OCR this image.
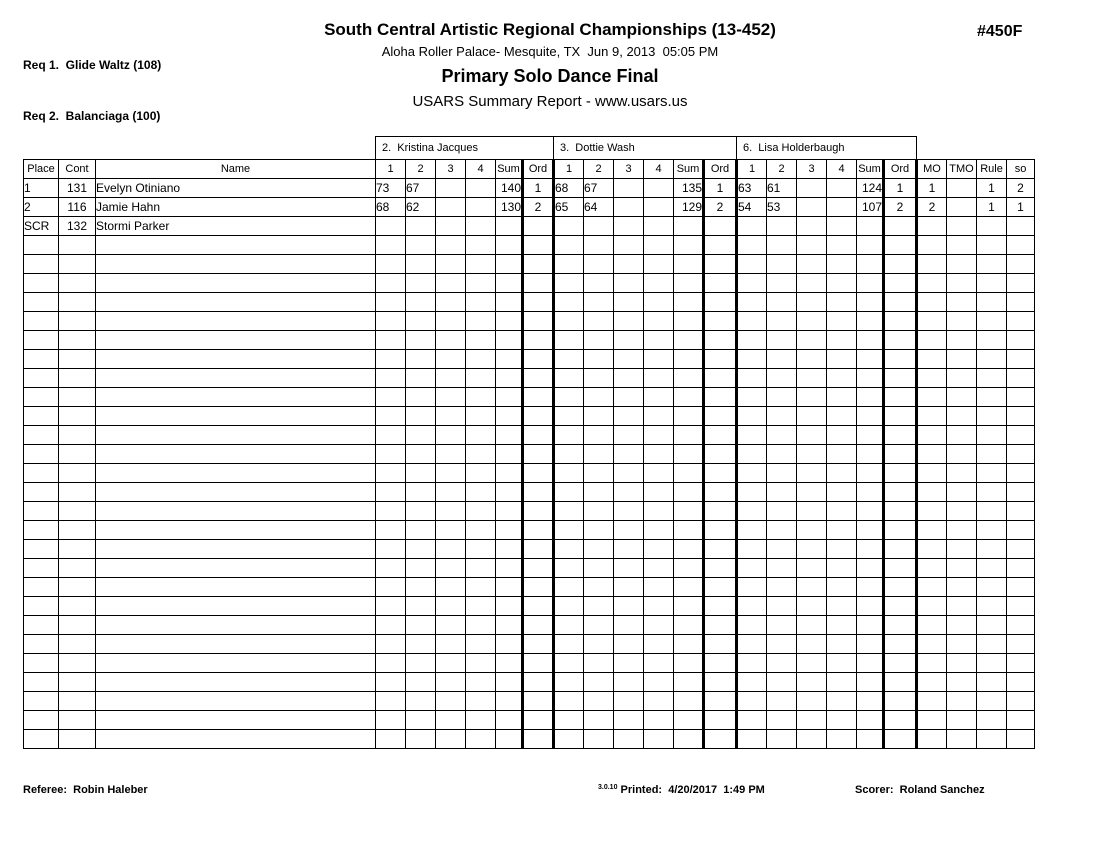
Req 1.  Glide Waltz (108)

Req 2.  Balanciaga (100)

#450F
South Central Artistic Regional Championships (13-452)
Aloha Roller Palace- Mesquite, TX  Jun 9, 2013  05:05 PM
Primary Solo Dance Final
USARS Summary Report - www.usars.us
2.  Kristina Jacques	3.  Dottie Wash	6.  Lisa Holderbaugh
Place	Cont	Name	1	2	3	4	Sum	Ord	1	2	3	4	Sum	Ord	1	2	3	4	Sum	Ord	MO	TMO	Rule	so
1	131	Evelyn Otiniano	73	67			140	1	68	67			135	1	63	61			124	1	1		1	2
2	116	Jamie Hahn	68	62			130	2	65	64			129	2	54	53			107	2	2		1	1
SCR	132	Stormi Parker																						

Referee:  Robin Haleber	$^{3.0.10}$ Printed:  4/20/2017  1:49 PM	Scorer:  Roland Sanchez
